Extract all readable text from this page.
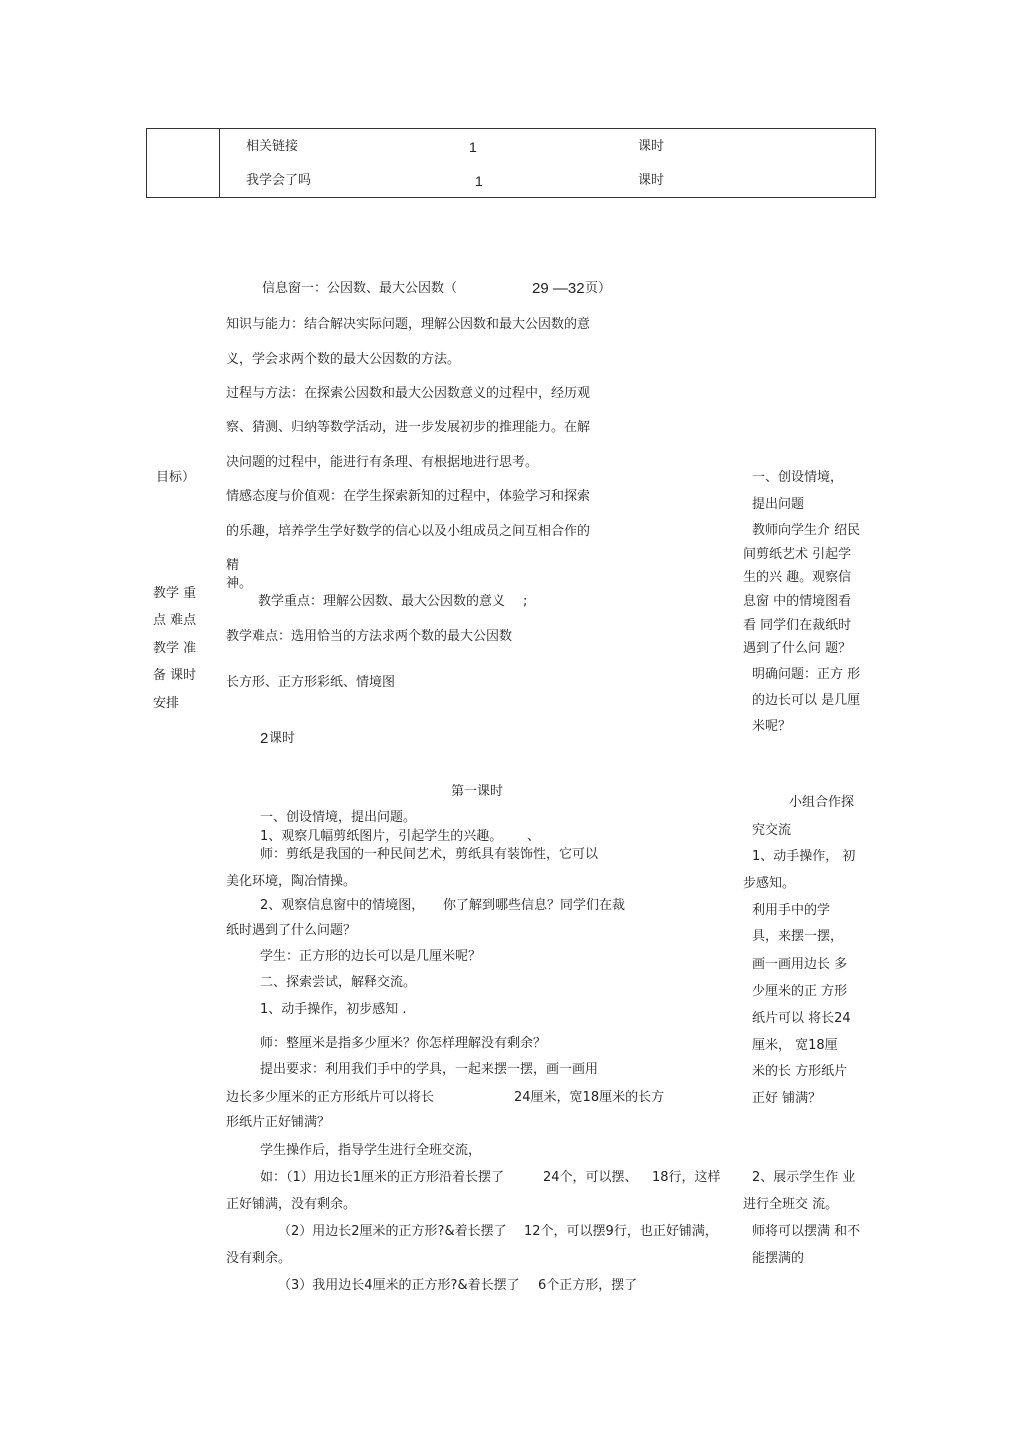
相关链接	1	课时
我学会了吗	1	课时
信息窗一：公因数、最大公因数（	29 —32 页）
知识与能力：结合解决实际问题，理解公因数和最大公因数的意
义，学会求两个数的最大公因数的方法。
过程与方法：在探索公因数和最大公因数意义的过程中，经历观
察、猜测、归纳等数学活动，进一步发展初步的推理能力。在解
决问题的过程中，能进行有条理、有根据地进行思考。
情感态度与价值观：在学生探索新知的过程中，体验学习和探索
的乐趣，培养学生学好数学的信心以及小组成员之间互相合作的
精
神。
目标）
教学 重
点 难点
教学 准
备 课时
安排
教学重点：理解公因数、最大公因数的意义 ;
教学难点：选用恰当的方法求两个数的最大公因数
长方形、正方形彩纸、情境图
2 课时
第一课时
一、创设情境，提出问题。
1、观察几幅剪纸图片，引起学生的兴趣。 、
师：剪纸是我国的一种民间艺术，剪纸具有装饰性，它可以
美化环境，陶冶情操。
2、观察信息窗中的情境图， 你了解到哪些信息？同学们在裁
纸时遇到了什么问题？
学生：正方形的边长可以是几厘米呢？
二、探索尝试，解释交流。
1、动手操作，初步感知 .
师：整厘米是指多少厘米？你怎样理解没有剩余？
提出要求：利用我们手中的学具，一起来摆一摆，画一画用
边长多少厘米的正方形纸片可以将长	24厘米，宽18厘米的长方
形纸片正好铺满？
学生操作后，指导学生进行全班交流，
如：（1）用边长1厘米的正方形沿着长摆了	24个，可以摆、 18行，这样
正好铺满，没有剩余。
（2）用边长2厘米的正方形?&着长摆了 12个，可以摆9行，也正好铺满，
没有剩余。
（3）我用边长4厘米的正方形?&着长摆了 6个正方形，摆了
一、创设情境，
提出问题
教师向学生介 绍民
间剪纸艺术 引起学
生的兴 趣。观察信
息窗 中的情境图看
看 同学们在裁纸时
遇到了什么问 题？
明确问题：正方 形
的边长可以 是几厘
米呢？
小组合作探
究交流
1、动手操作， 初
步感知。
利用手中的学
具，来摆一摆，
画一画用边长 多
少厘米的正 方形
纸片可以 将长24
厘米， 宽18厘
米的长 方形纸片
正好 铺满？
2、展示学生作 业
进行全班交 流。
师将可以摆满 和不
能摆满的
